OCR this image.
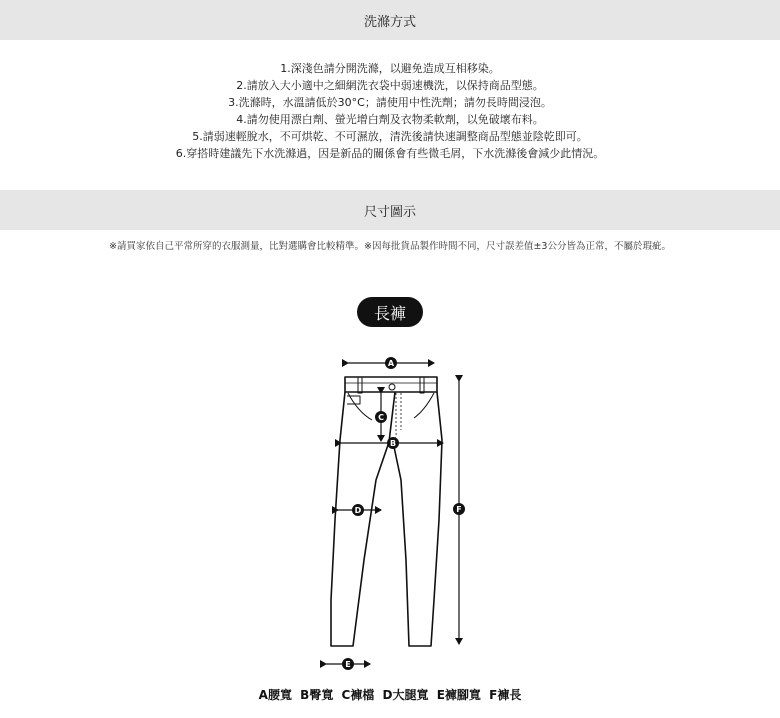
洗滌方式
1.深淺色請分開洗滌，以避免造成互相移染。
2.請放入大小適中之細網洗衣袋中弱速機洗，以保持商品型態。
3.洗滌時，水溫請低於30°C；請使用中性洗劑；請勿長時間浸泡。
4.請勿使用漂白劑、螢光增白劑及衣物柔軟劑，以免破壞布料。
5.請弱速輕脫水，不可烘乾、不可濕放，清洗後請快速調整商品型態並陰乾即可。
6.穿搭時建議先下水洗滌過，因是新品的關係會有些微毛屑，下水洗滌後會減少此情況。
尺寸圖示
※請買家依自己平常所穿的衣服測量，比對選購會比較精準。※因每批貨品製作時間不同，尺寸誤差值±3公分皆為正常，不屬於瑕疵。
長褲
A
B
C
D
E
F
A腰寬 B臀寬 C褲檔 D大腿寬 E褲腳寬 F褲長
